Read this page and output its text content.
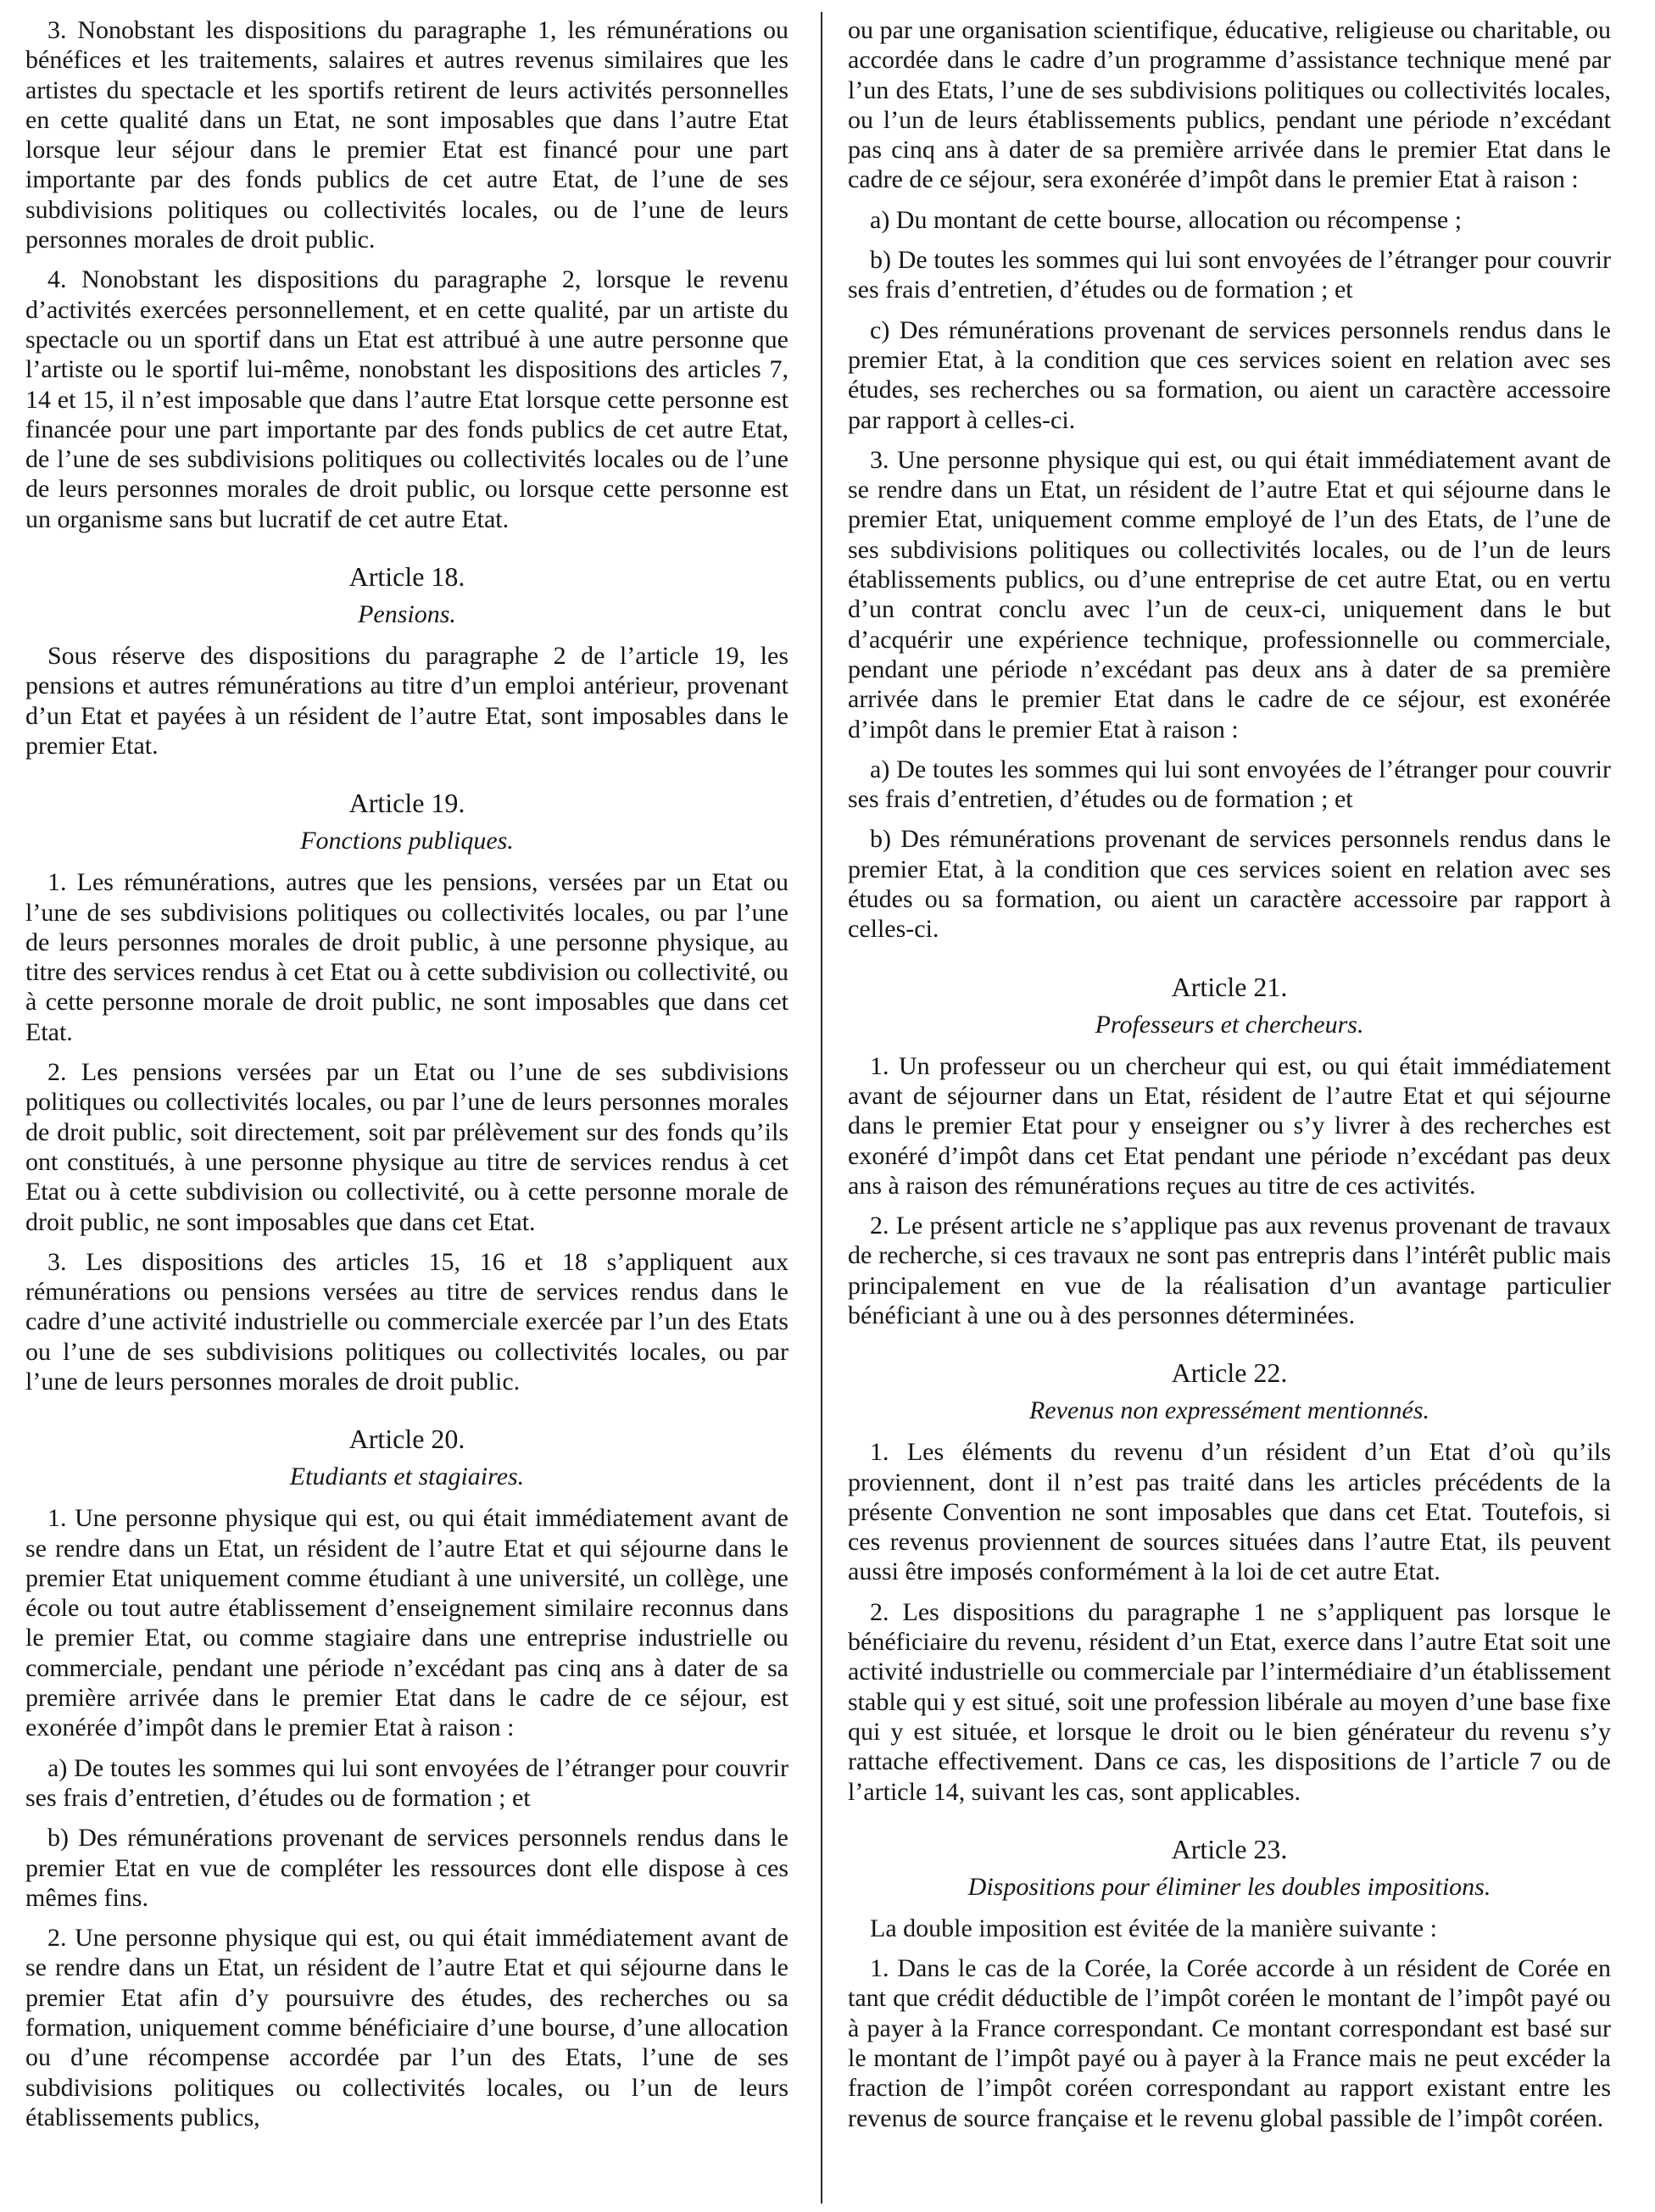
3. Nonobstant les dispositions du paragraphe 1, les rémunérations ou bénéfices et les traitements, salaires et autres revenus similaires que les artistes du spectacle et les sportifs retirent de leurs activités personnelles en cette qualité dans un Etat, ne sont imposables que dans l’autre Etat lorsque leur séjour dans le premier Etat est financé pour une part importante par des fonds publics de cet autre Etat, de l’une de ses subdivisions politiques ou collectivités locales, ou de l’une de leurs personnes morales de droit public.

4. Nonobstant les dispositions du paragraphe 2, lorsque le revenu d’activités exercées personnellement, et en cette qualité, par un artiste du spectacle ou un sportif dans un Etat est attribué à une autre personne que l’artiste ou le sportif lui-même, nonobstant les dispositions des articles 7, 14 et 15, il n’est imposable que dans l’autre Etat lorsque cette personne est financée pour une part importante par des fonds publics de cet autre Etat, de l’une de ses subdivisions politiques ou collectivités locales ou de l’une de leurs personnes morales de droit public, ou lorsque cette personne est un organisme sans but lucratif de cet autre Etat.

Article 18.
Pensions.

Sous réserve des dispositions du paragraphe 2 de l’article 19, les pensions et autres rémunérations au titre d’un emploi antérieur, provenant d’un Etat et payées à un résident de l’autre Etat, sont imposables dans le premier Etat.

Article 19.
Fonctions publiques.

1. Les rémunérations, autres que les pensions, versées par un Etat ou l’une de ses subdivisions politiques ou collectivités locales, ou par l’une de leurs personnes morales de droit public, à une personne physique, au titre des services rendus à cet Etat ou à cette subdivision ou collectivité, ou à cette personne morale de droit public, ne sont imposables que dans cet Etat.

2. Les pensions versées par un Etat ou l’une de ses subdivisions politiques ou collectivités locales, ou par l’une de leurs personnes morales de droit public, soit directement, soit par prélèvement sur des fonds qu’ils ont constitués, à une personne physique au titre de services rendus à cet Etat ou à cette subdivision ou collectivité, ou à cette personne morale de droit public, ne sont imposables que dans cet Etat.

3. Les dispositions des articles 15, 16 et 18 s’appliquent aux rémunérations ou pensions versées au titre de services rendus dans le cadre d’une activité industrielle ou commerciale exercée par l’un des Etats ou l’une de ses subdivisions politiques ou collectivités locales, ou par l’une de leurs personnes morales de droit public.

Article 20.
Etudiants et stagiaires.

1. Une personne physique qui est, ou qui était immédiatement avant de se rendre dans un Etat, un résident de l’autre Etat et qui séjourne dans le premier Etat uniquement comme étudiant à une université, un collège, une école ou tout autre établissement d’enseignement similaire reconnus dans le premier Etat, ou comme stagiaire dans une entreprise industrielle ou commerciale, pendant une période n’excédant pas cinq ans à dater de sa première arrivée dans le premier Etat dans le cadre de ce séjour, est exonérée d’impôt dans le premier Etat à raison :

a) De toutes les sommes qui lui sont envoyées de l’étranger pour couvrir ses frais d’entretien, d’études ou de formation ; et

b) Des rémunérations provenant de services personnels rendus dans le premier Etat en vue de compléter les ressources dont elle dispose à ces mêmes fins.

2. Une personne physique qui est, ou qui était immédiatement avant de se rendre dans un Etat, un résident de l’autre Etat et qui séjourne dans le premier Etat afin d’y poursuivre des études, des recherches ou sa formation, uniquement comme bénéficiaire d’une bourse, d’une allocation ou d’une récompense accordée par l’un des Etats, l’une de ses subdivisions politiques ou collectivités locales, ou l’un de leurs établissements publics,

ou par une organisation scientifique, éducative, religieuse ou charitable, ou accordée dans le cadre d’un programme d’assistance technique mené par l’un des Etats, l’une de ses subdivisions politiques ou collectivités locales, ou l’un de leurs établissements publics, pendant une période n’excédant pas cinq ans à dater de sa première arrivée dans le premier Etat dans le cadre de ce séjour, sera exonérée d’impôt dans le premier Etat à raison :

a) Du montant de cette bourse, allocation ou récompense ;

b) De toutes les sommes qui lui sont envoyées de l’étranger pour couvrir ses frais d’entretien, d’études ou de formation ; et

c) Des rémunérations provenant de services personnels rendus dans le premier Etat, à la condition que ces services soient en relation avec ses études, ses recherches ou sa formation, ou aient un caractère accessoire par rapport à celles-ci.

3. Une personne physique qui est, ou qui était immédiatement avant de se rendre dans un Etat, un résident de l’autre Etat et qui séjourne dans le premier Etat, uniquement comme employé de l’un des Etats, de l’une de ses subdivisions politiques ou collectivités locales, ou de l’un de leurs établissements publics, ou d’une entreprise de cet autre Etat, ou en vertu d’un contrat conclu avec l’un de ceux-ci, uniquement dans le but d’acquérir une expérience technique, professionnelle ou commerciale, pendant une période n’excédant pas deux ans à dater de sa première arrivée dans le premier Etat dans le cadre de ce séjour, est exonérée d’impôt dans le premier Etat à raison :

a) De toutes les sommes qui lui sont envoyées de l’étranger pour couvrir ses frais d’entretien, d’études ou de formation ; et

b) Des rémunérations provenant de services personnels rendus dans le premier Etat, à la condition que ces services soient en relation avec ses études ou sa formation, ou aient un caractère accessoire par rapport à celles-ci.

Article 21.
Professeurs et chercheurs.

1. Un professeur ou un chercheur qui est, ou qui était immédiatement avant de séjourner dans un Etat, résident de l’autre Etat et qui séjourne dans le premier Etat pour y enseigner ou s’y livrer à des recherches est exonéré d’impôt dans cet Etat pendant une période n’excédant pas deux ans à raison des rémunérations reçues au titre de ces activités.

2. Le présent article ne s’applique pas aux revenus provenant de travaux de recherche, si ces travaux ne sont pas entrepris dans l’intérêt public mais principalement en vue de la réalisation d’un avantage particulier bénéficiant à une ou à des personnes déterminées.

Article 22.
Revenus non expressément mentionnés.

1. Les éléments du revenu d’un résident d’un Etat d’où qu’ils proviennent, dont il n’est pas traité dans les articles précédents de la présente Convention ne sont imposables que dans cet Etat. Toutefois, si ces revenus proviennent de sources situées dans l’autre Etat, ils peuvent aussi être imposés conformément à la loi de cet autre Etat.

2. Les dispositions du paragraphe 1 ne s’appliquent pas lorsque le bénéficiaire du revenu, résident d’un Etat, exerce dans l’autre Etat soit une activité industrielle ou commerciale par l’intermédiaire d’un établissement stable qui y est situé, soit une profession libérale au moyen d’une base fixe qui y est située, et lorsque le droit ou le bien générateur du revenu s’y rattache effectivement. Dans ce cas, les dispositions de l’article 7 ou de l’article 14, suivant les cas, sont applicables.

Article 23.
Dispositions pour éliminer les doubles impositions.

La double imposition est évitée de la manière suivante :

1. Dans le cas de la Corée, la Corée accorde à un résident de Corée en tant que crédit déductible de l’impôt coréen le montant de l’impôt payé ou à payer à la France correspondant. Ce montant correspondant est basé sur le montant de l’impôt payé ou à payer à la France mais ne peut excéder la fraction de l’impôt coréen correspondant au rapport existant entre les revenus de source française et le revenu global passible de l’impôt coréen.
